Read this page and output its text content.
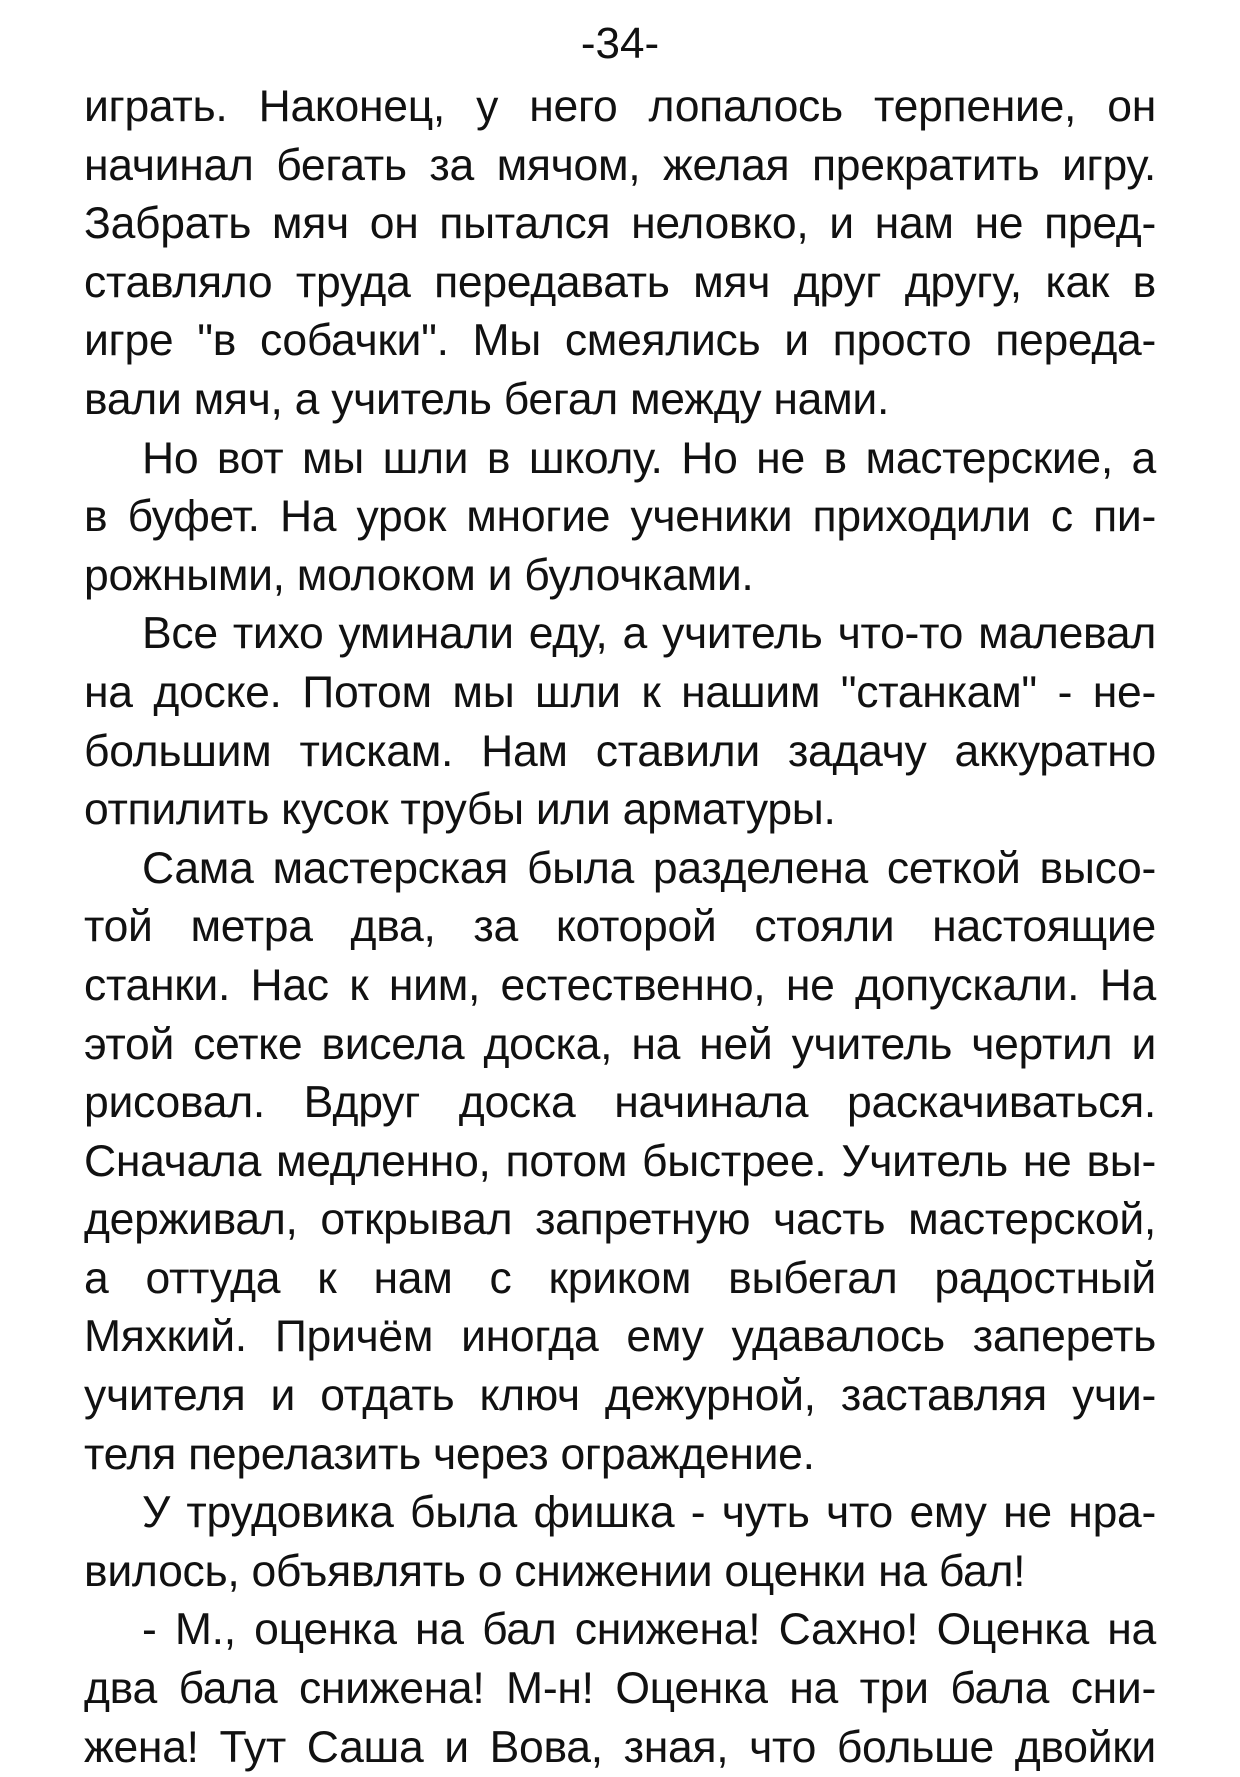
-34-

играть. Наконец, у него лопалось терпение, он
начинал бегать за мячом, желая прекратить игру.
Забрать мяч он пытался неловко, и нам не пред-
ставляло труда передавать мяч друг другу, как в
игре "в собачки". Мы смеялись и просто переда-
вали мяч, а учитель бегал между нами.

Но вот мы шли в школу. Но не в мастерские, а
в буфет. На урок многие ученики приходили с пи-
рожными, молоком и булочками.

Все тихо уминали еду, а учитель что-то малевал
на доске. Потом мы шли к нашим "станкам" - не-
большим тискам. Нам ставили задачу аккуратно
отпилить кусок трубы или арматуры.

Сама мастерская была разделена сеткой высо-
той метра два, за которой стояли настоящие
станки. Нас к ним, естественно, не допускали. На
этой сетке висела доска, на ней учитель чертил и
рисовал. Вдруг доска начинала раскачиваться.
Сначала медленно, потом быстрее. Учитель не вы-
держивал, открывал запретную часть мастерской,
а оттуда к нам с криком выбегал радостный
Мяхкий. Причём иногда ему удавалось запереть
учителя и отдать ключ дежурной, заставляя учи-
теля перелазить через ограждение.

У трудовика была фишка - чуть что ему не нра-
вилось, объявлять о снижении оценки на бал!

- М., оценка на бал снижена! Сахно! Оценка на
два бала снижена! М-н! Оценка на три бала сни-
жена! Тут Саша и Вова, зная, что больше двойки
